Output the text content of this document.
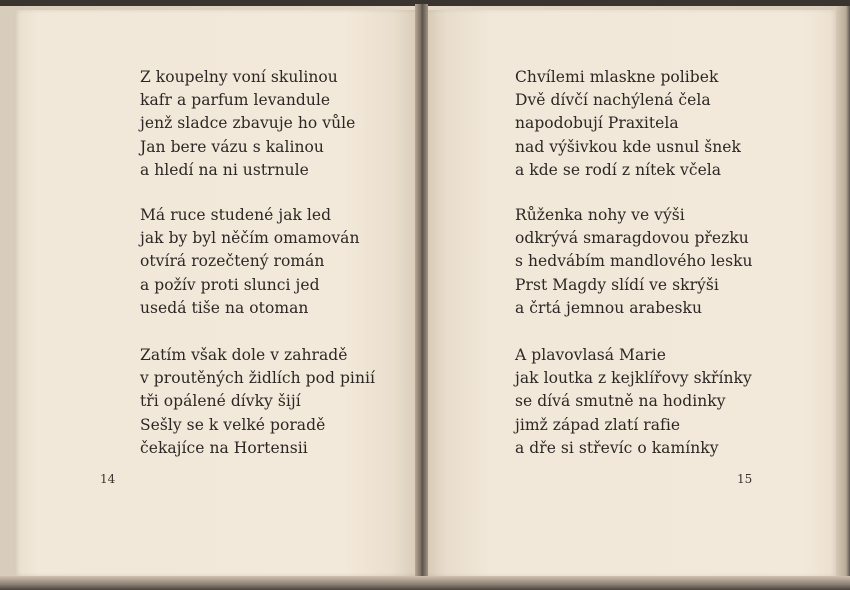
Z koupelny voní skulinou
kafr a parfum levandule
jenž sladce zbavuje ho vůle
Jan bere vázu s kalinou
a hledí na ni ustrnule
Má ruce studené jak led
jak by byl něčím omamován
otvírá rozečtený román
a požív proti slunci jed
usedá tiše na otoman
Zatím však dole v zahradě
v proutěných židlích pod pinií
tři opálené dívky šijí
Sešly se k velké poradě
čekajíce na Hortensii
14
Chvílemi mlaskne polibek
Dvě dívčí nachýlená čela
napodobují Praxitela
nad výšivkou kde usnul šnek
a kde se rodí z nítek včela
Růženka nohy ve výši
odkrývá smaragdovou přezku
s hedvábím mandlového lesku
Prst Magdy slídí ve skrýši
a črtá jemnou arabesku
A plavovlasá Marie
jak loutka z kejklířovy skřínky
se dívá smutně na hodinky
jimž západ zlatí rafie
a dře si střevíc o kamínky
15
